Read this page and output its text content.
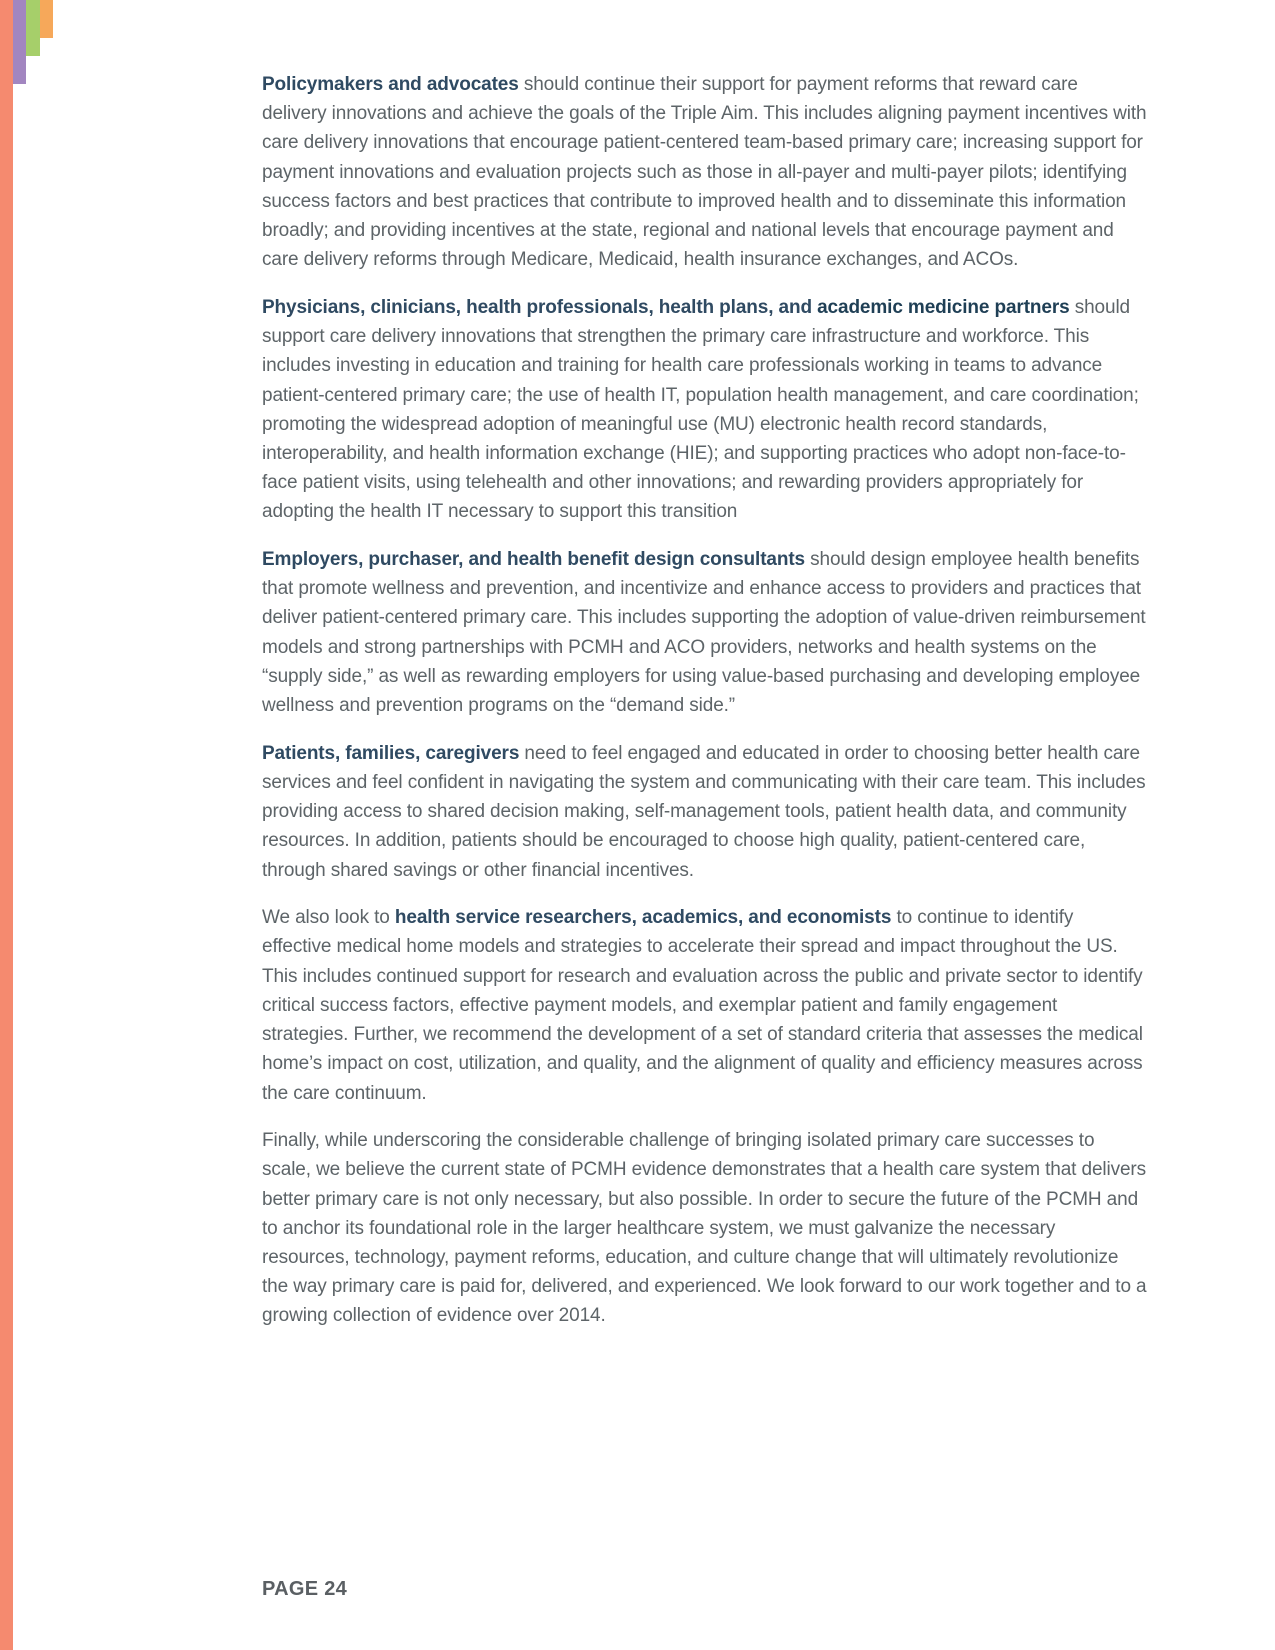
Policymakers and advocates should continue their support for payment reforms that reward care delivery innovations and achieve the goals of the Triple Aim. This includes aligning payment incentives with care delivery innovations that encourage patient-centered team-based primary care; increasing support for payment innovations and evaluation projects such as those in all-payer and multi-payer pilots; identifying success factors and best practices that contribute to improved health and to disseminate this information broadly; and providing incentives at the state, regional and national levels that encourage payment and care delivery reforms through Medicare, Medicaid, health insurance exchanges, and ACOs.

Physicians, clinicians, health professionals, health plans, and academic medicine partners should support care delivery innovations that strengthen the primary care infrastructure and workforce. This includes investing in education and training for health care professionals working in teams to advance patient-centered primary care; the use of health IT, population health management, and care coordination; promoting the widespread adoption of meaningful use (MU) electronic health record standards, interoperability, and health information exchange (HIE); and supporting practices who adopt non-face-to-face patient visits, using telehealth and other innovations; and rewarding providers appropriately for adopting the health IT necessary to support this transition

Employers, purchaser, and health benefit design consultants should design employee health benefits that promote wellness and prevention, and incentivize and enhance access to providers and practices that deliver patient-centered primary care. This includes supporting the adoption of value-driven reimbursement models and strong partnerships with PCMH and ACO providers, networks and health systems on the “supply side,” as well as rewarding employers for using value-based purchasing and developing employee wellness and prevention programs on the “demand side.”

Patients, families, caregivers need to feel engaged and educated in order to choosing better health care services and feel confident in navigating the system and communicating with their care team. This includes providing access to shared decision making, self-management tools, patient health data, and community resources. In addition, patients should be encouraged to choose high quality, patient-centered care, through shared savings or other financial incentives.

We also look to health service researchers, academics, and economists to continue to identify effective medical home models and strategies to accelerate their spread and impact throughout the US. This includes continued support for research and evaluation across the public and private sector to identify critical success factors, effective payment models, and exemplar patient and family engagement strategies. Further, we recommend the development of a set of standard criteria that assesses the medical home’s impact on cost, utilization, and quality, and the alignment of quality and efficiency measures across the care continuum.

Finally, while underscoring the considerable challenge of bringing isolated primary care successes to scale, we believe the current state of PCMH evidence demonstrates that a health care system that delivers better primary care is not only necessary, but also possible. In order to secure the future of the PCMH and to anchor its foundational role in the larger healthcare system, we must galvanize the necessary resources, technology, payment reforms, education, and culture change that will ultimately revolutionize the way primary care is paid for, delivered, and experienced. We look forward to our work together and to a growing collection of evidence over 2014.

PAGE 24
